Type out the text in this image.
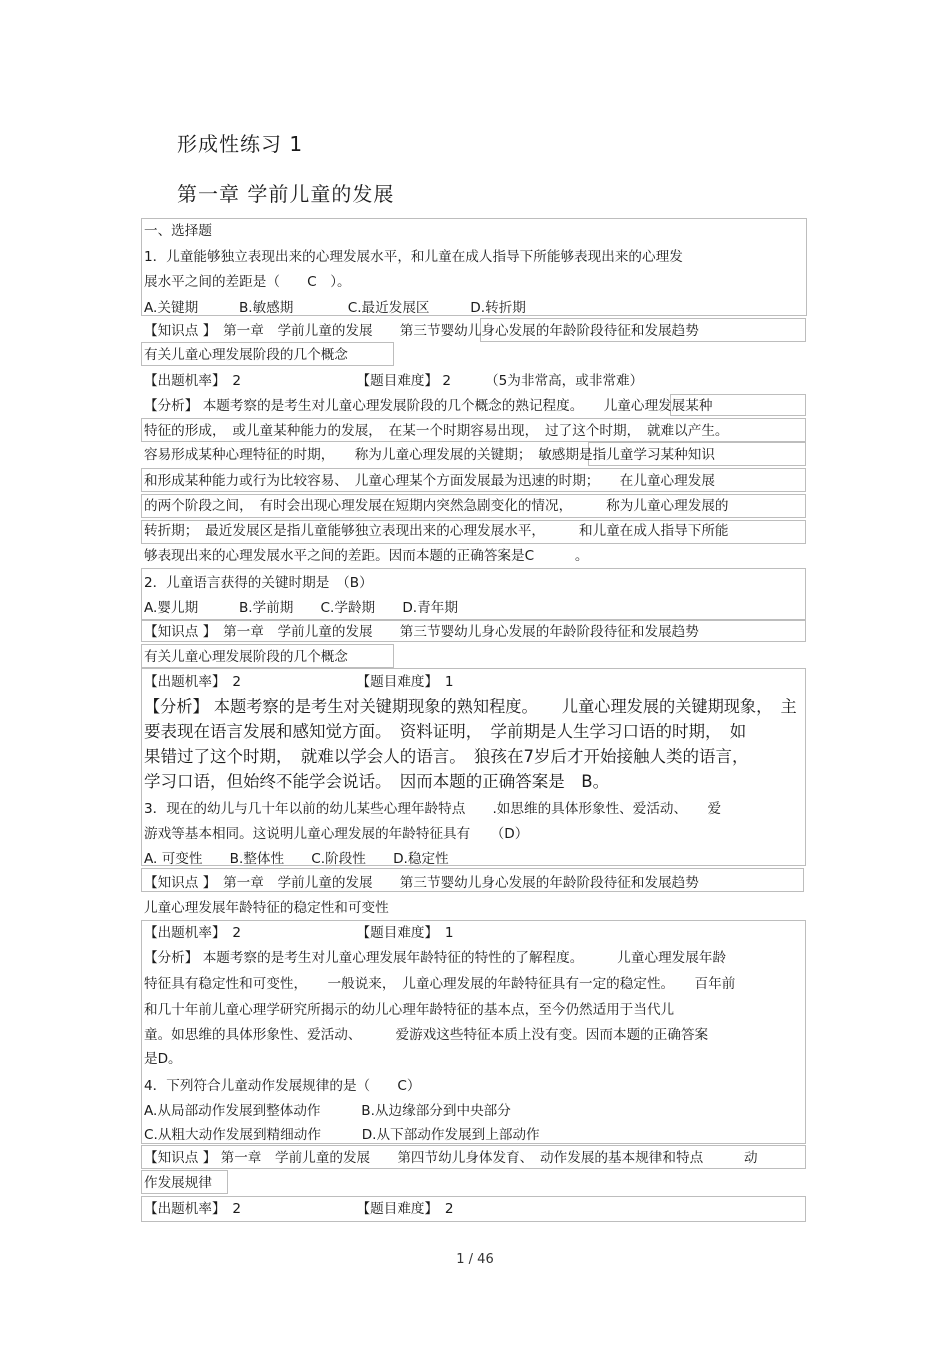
形成性练习 1
第一章 学前儿童的发展
一、选择题
1．儿童能够独立表现出来的心理发展水平，和儿童在成人指导下所能够表现出来的心理发
展水平之间的差距是（　　C　）。
A.关键期　　　B.敏感期　　　　C.最近发展区　　　D.转折期
【知识点 】　第一章　学前儿童的发展　　第三节婴幼儿身心发展的年龄阶段待征和发展趋势
有关儿童心理发展阶段的几个概念
【出题机率】　2　　　　　　　　　【题目难度】 2　　　（5为非常高，或非常难）
【分析】 本题考察的是考生对儿童心理发展阶段的几个概念的熟记程度。　　儿童心理发展某种
特征的形成，　或儿童某种能力的发展，　在某一个时期容易出现，　过了这个时期，　就难以产生。
容易形成某种心理特征的时期，　　称为儿童心理发展的关键期；　敏感期是指儿童学习某种知识
和形成某种能力或行为比较容易、　儿童心理某个方面发展最为迅速的时期；　　在儿童心理发展
的两个阶段之间，　有时会出现心理发展在短期内突然急剧变化的情况，　　　称为儿童心理发展的
转折期；　最近发展区是指儿童能够独立表现出来的心理发展水平，　　　和儿童在成人指导下所能
够表现出来的心理发展水平之间的差距。因而本题的正确答案是C　　　。
2．儿童语言获得的关键时期是　（B）
A.婴儿期　　　B.学前期　　C.学龄期　　D.青年期
【知识点 】　第一章　学前儿童的发展　　第三节婴幼儿身心发展的年龄阶段待征和发展趋势
有关儿童心理发展阶段的几个概念
【出题机率】　2　　　　　　　　　【题目难度】　1
【分析】 本题考察的是考生对关键期现象的熟知程度。　　儿童心理发展的关键期现象，　主
要表现在语言发展和感知觉方面。　资料证明，　学前期是人生学习口语的时期，　如
果错过了这个时期，　就难以学会人的语言。　狼孩在7岁后才开始接触人类的语言，
学习口语，但始终不能学会说话。　因而本题的正确答案是　B。
3．现在的幼儿与几十年以前的幼儿某些心理年龄特点　　.如思维的具体形象性、爱活动、　　爱
游戏等基本相同。这说明儿童心理发展的年龄特征具有　　（D）
A. 可变性　　B.整体性　　C.阶段性　　D.稳定性
【知识点 】　第一章　学前儿童的发展　　第三节婴幼儿身心发展的年龄阶段待征和发展趋势
儿童心理发展年龄特征的稳定性和可变性
【出题机率】　2　　　　　　　　　【题目难度】　1
【分析】 本题考察的是考生对儿童心理发展年龄特征的特性的了解程度。　　　儿童心理发展年龄
特征具有稳定性和可变性，　　一般说来，　儿童心理发展的年龄特征具有一定的稳定性。　　百年前
和几十年前儿童心理学研究所揭示的幼儿心理年龄特征的基本点，至今仍然适用于当代儿
童。如思维的具体形象性、爱活动、　　　爱游戏这些特征本质上没有变。因而本题的正确答案
是D。
4．下列符合儿童动作发展规律的是（　　C）
A.从局部动作发展到整体动作　　　B.从边缘部分到中央部分
C.从粗大动作发展到精细动作　　　D.从下部动作发展到上部动作
【知识点 】 第一章　学前儿童的发展　　第四节幼儿身体发育、　动作发展的基本规律和特点　　　动
作发展规律
【出题机率】　2　　　　　　　　　【题目难度】　2
1 / 46
